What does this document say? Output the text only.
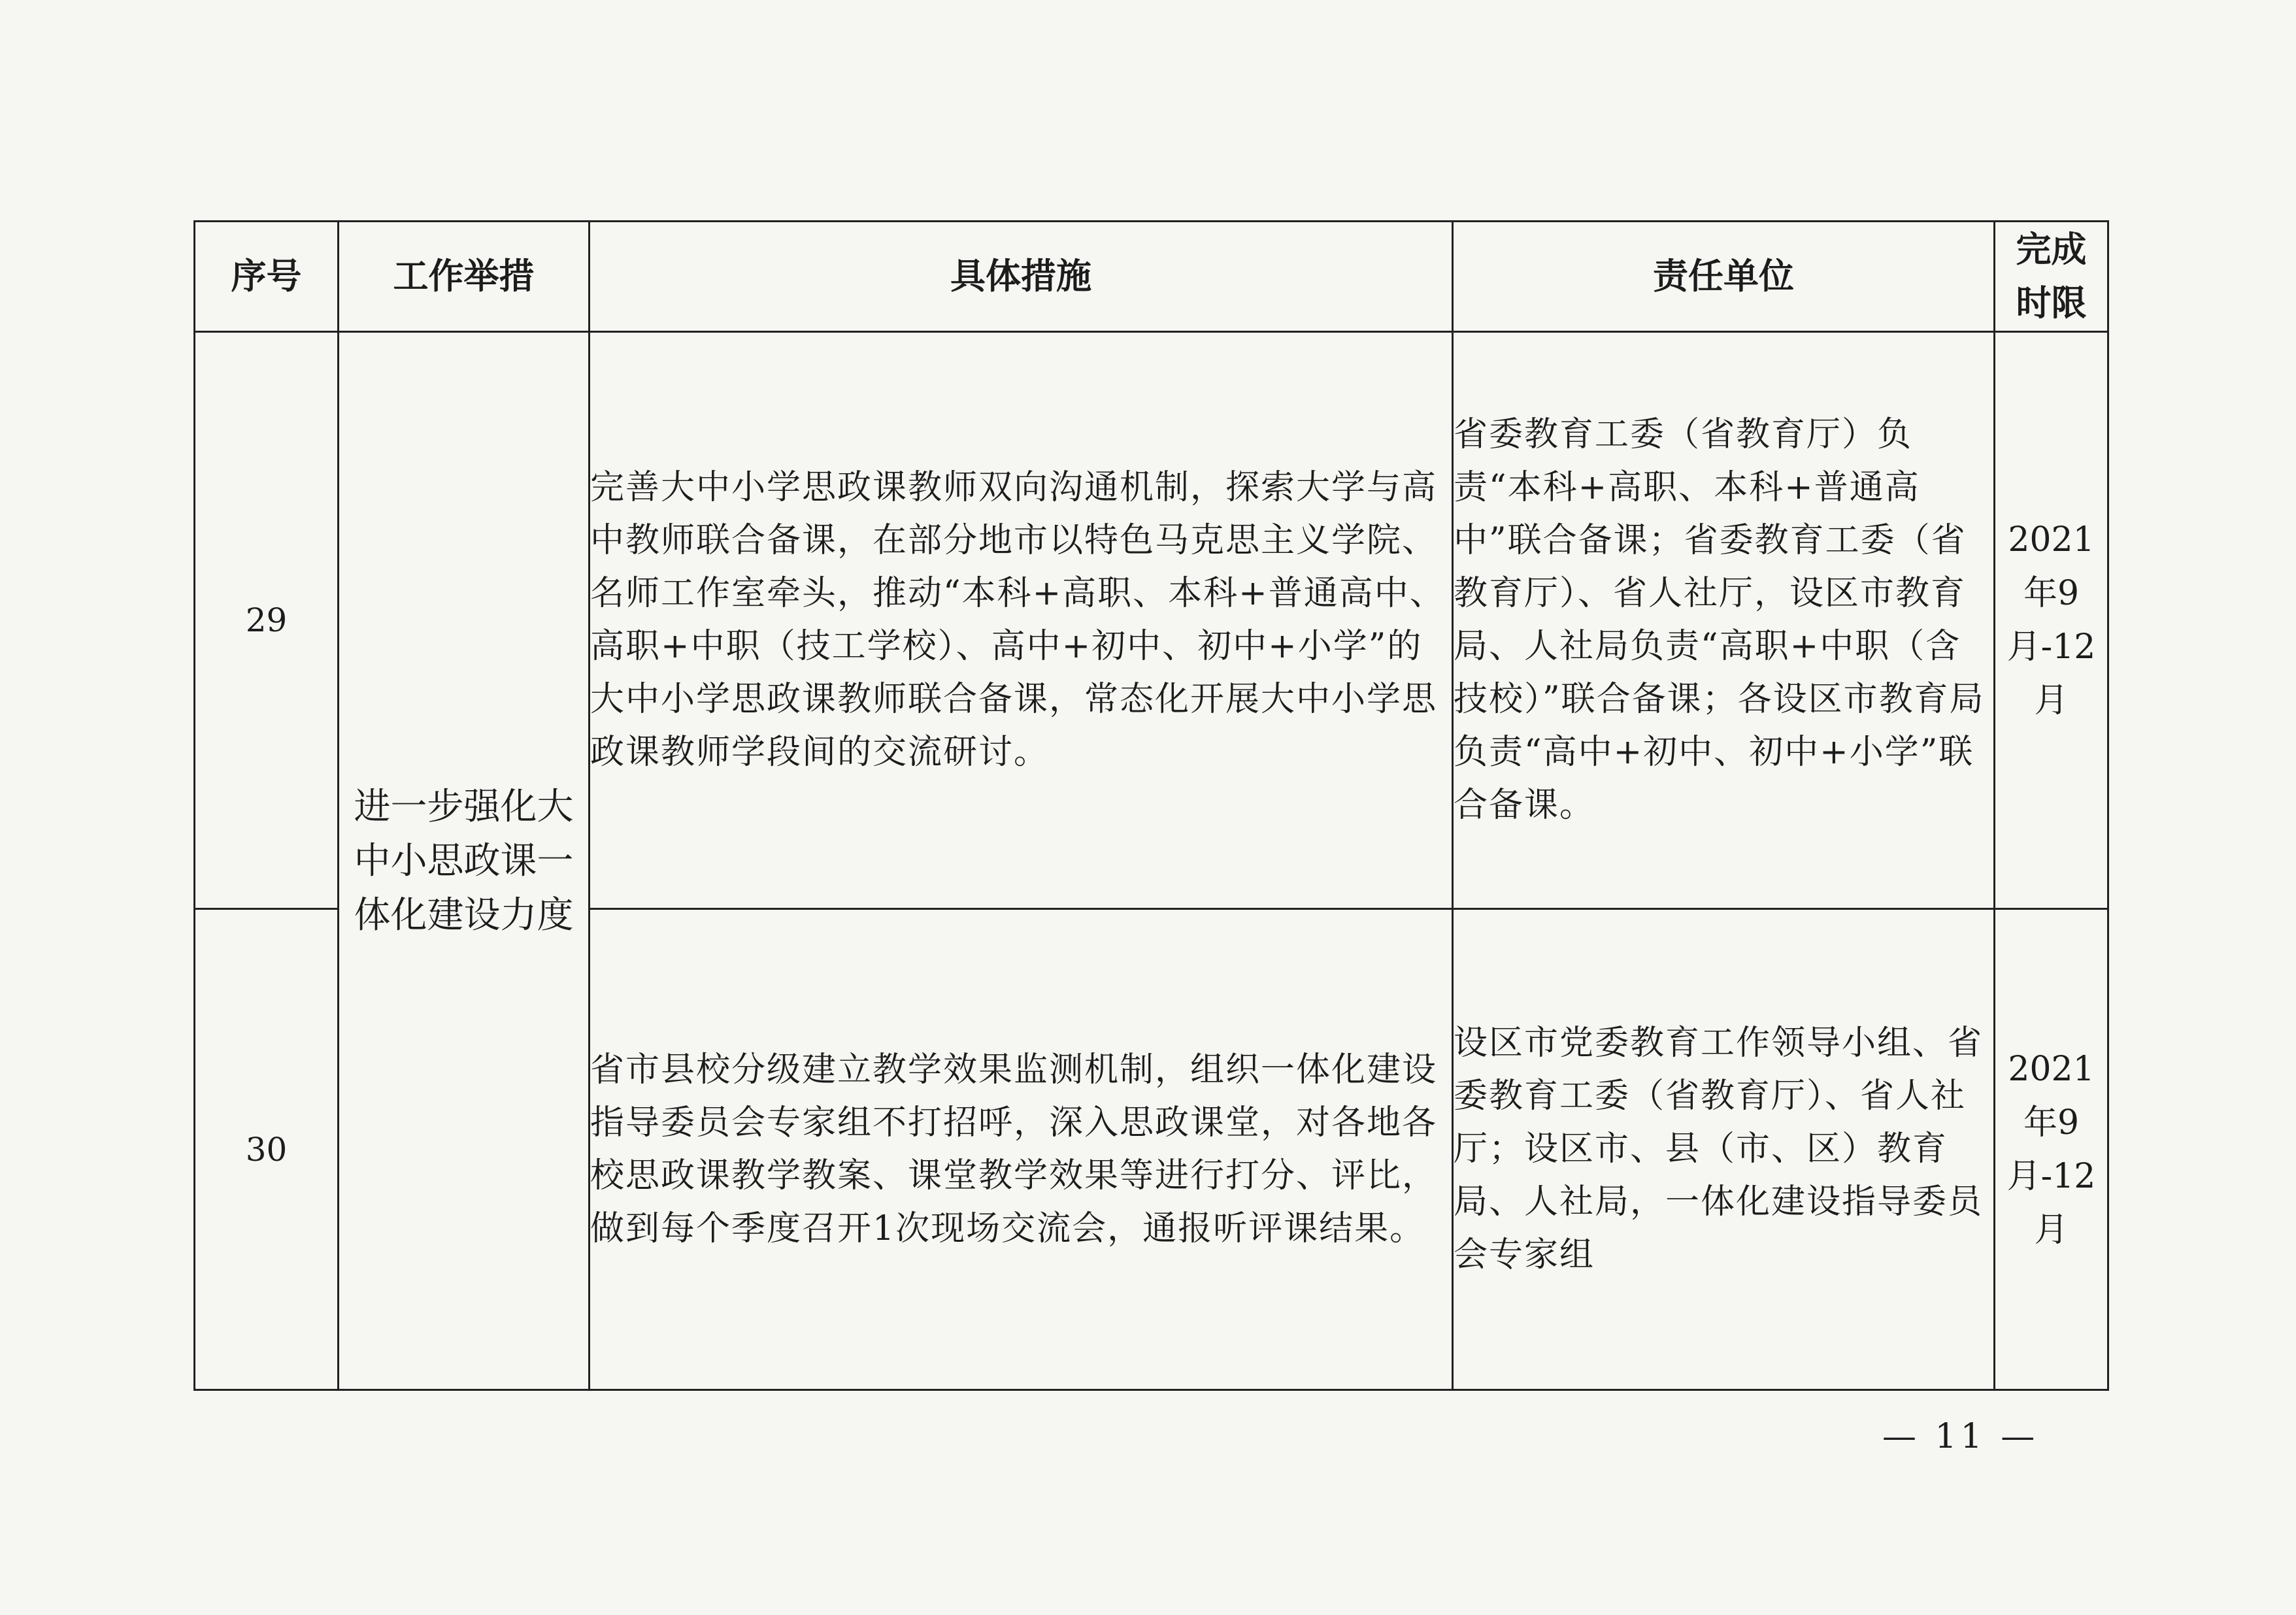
序号	工作举措	具体措施	责任单位	完成时限
29	进一步强化大中小思政课一体化建设力度	完善大中小学思政课教师双向沟通机制，探索大学与高中教师联合备课，在部分地市以特色马克思主义学院、名师工作室牵头，推动“本科+高职、本科+普通高中、高职+中职（技工学校）、高中+初中、初中+小学”的大中小学思政课教师联合备课，常态化开展大中小学思政课教师学段间的交流研讨。	省委教育工委（省教育厅）负责“本科+高职、本科+普通高中”联合备课；省委教育工委（省教育厅）、省人社厅，设区市教育局、人社局负责“高职+中职（含技校）”联合备课；各设区市教育局负责“高中+初中、初中+小学”联合备课。	2021年9月-12月
30		省市县校分级建立教学效果监测机制，组织一体化建设指导委员会专家组不打招呼，深入思政课堂，对各地各校思政课教学教案、课堂教学效果等进行打分、评比，做到每个季度召开1次现场交流会，通报听评课结果。	设区市党委教育工作领导小组、省委教育工委（省教育厅）、省人社厅；设区市、县（市、区）教育局、人社局，一体化建设指导委员会专家组	2021年9月-12月
— 11 —
